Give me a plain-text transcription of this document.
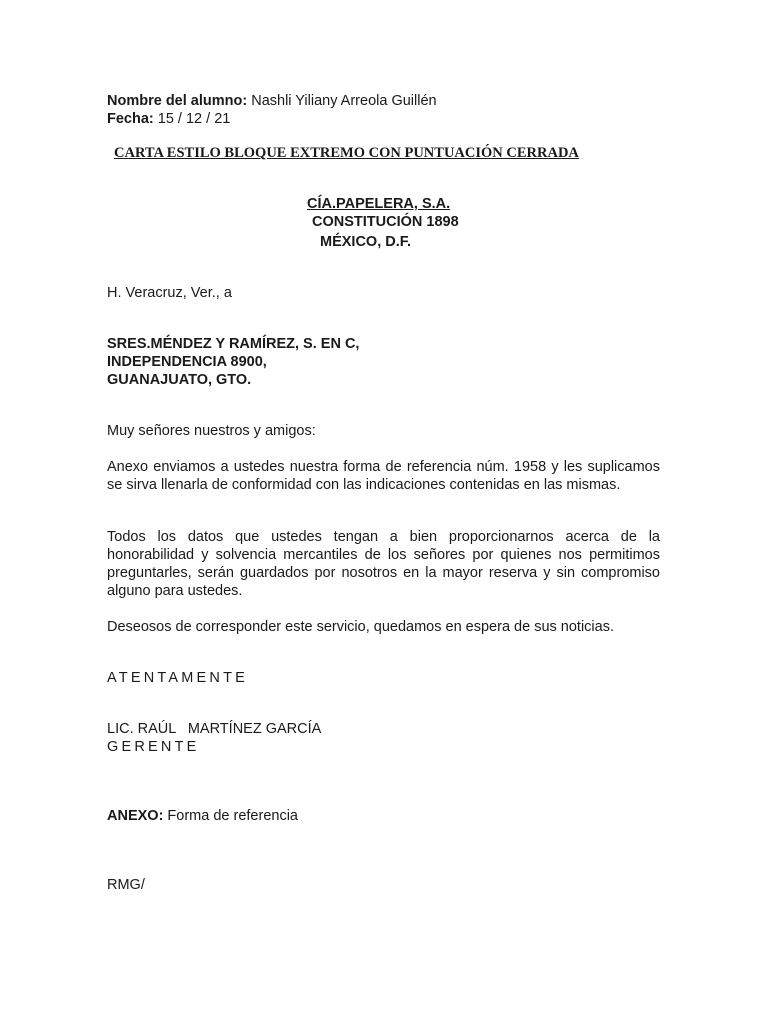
Nombre del alumno: Nashli Yiliany Arreola Guillén
Fecha: 15 / 12 / 21
CARTA ESTILO BLOQUE EXTREMO CON PUNTUACIÓN CERRADA
CÍA.PAPELERA, S.A.
CONSTITUCIÓN 1898
MÉXICO, D.F.
H. Veracruz, Ver., a
SRES.MÉNDEZ Y RAMÍREZ, S. EN C,
INDEPENDENCIA 8900,
GUANAJUATO, GTO.
Muy señores nuestros y amigos:
Anexo enviamos a ustedes nuestra forma de referencia núm. 1958 y les suplicamos se sirva llenarla de conformidad con las indicaciones contenidas en las mismas.
Todos los datos que ustedes tengan a bien proporcionarnos acerca de la honorabilidad y solvencia mercantiles de los señores por quienes nos permitimos preguntarles, serán guardados por nosotros en la mayor reserva y sin compromiso alguno para ustedes.
Deseosos de corresponder este servicio, quedamos en espera de sus noticias.
ATENTAMENTE
LIC. RAÚL   MARTÍNEZ GARCÍA
GERENTE
ANEXO: Forma de referencia
RMG/
